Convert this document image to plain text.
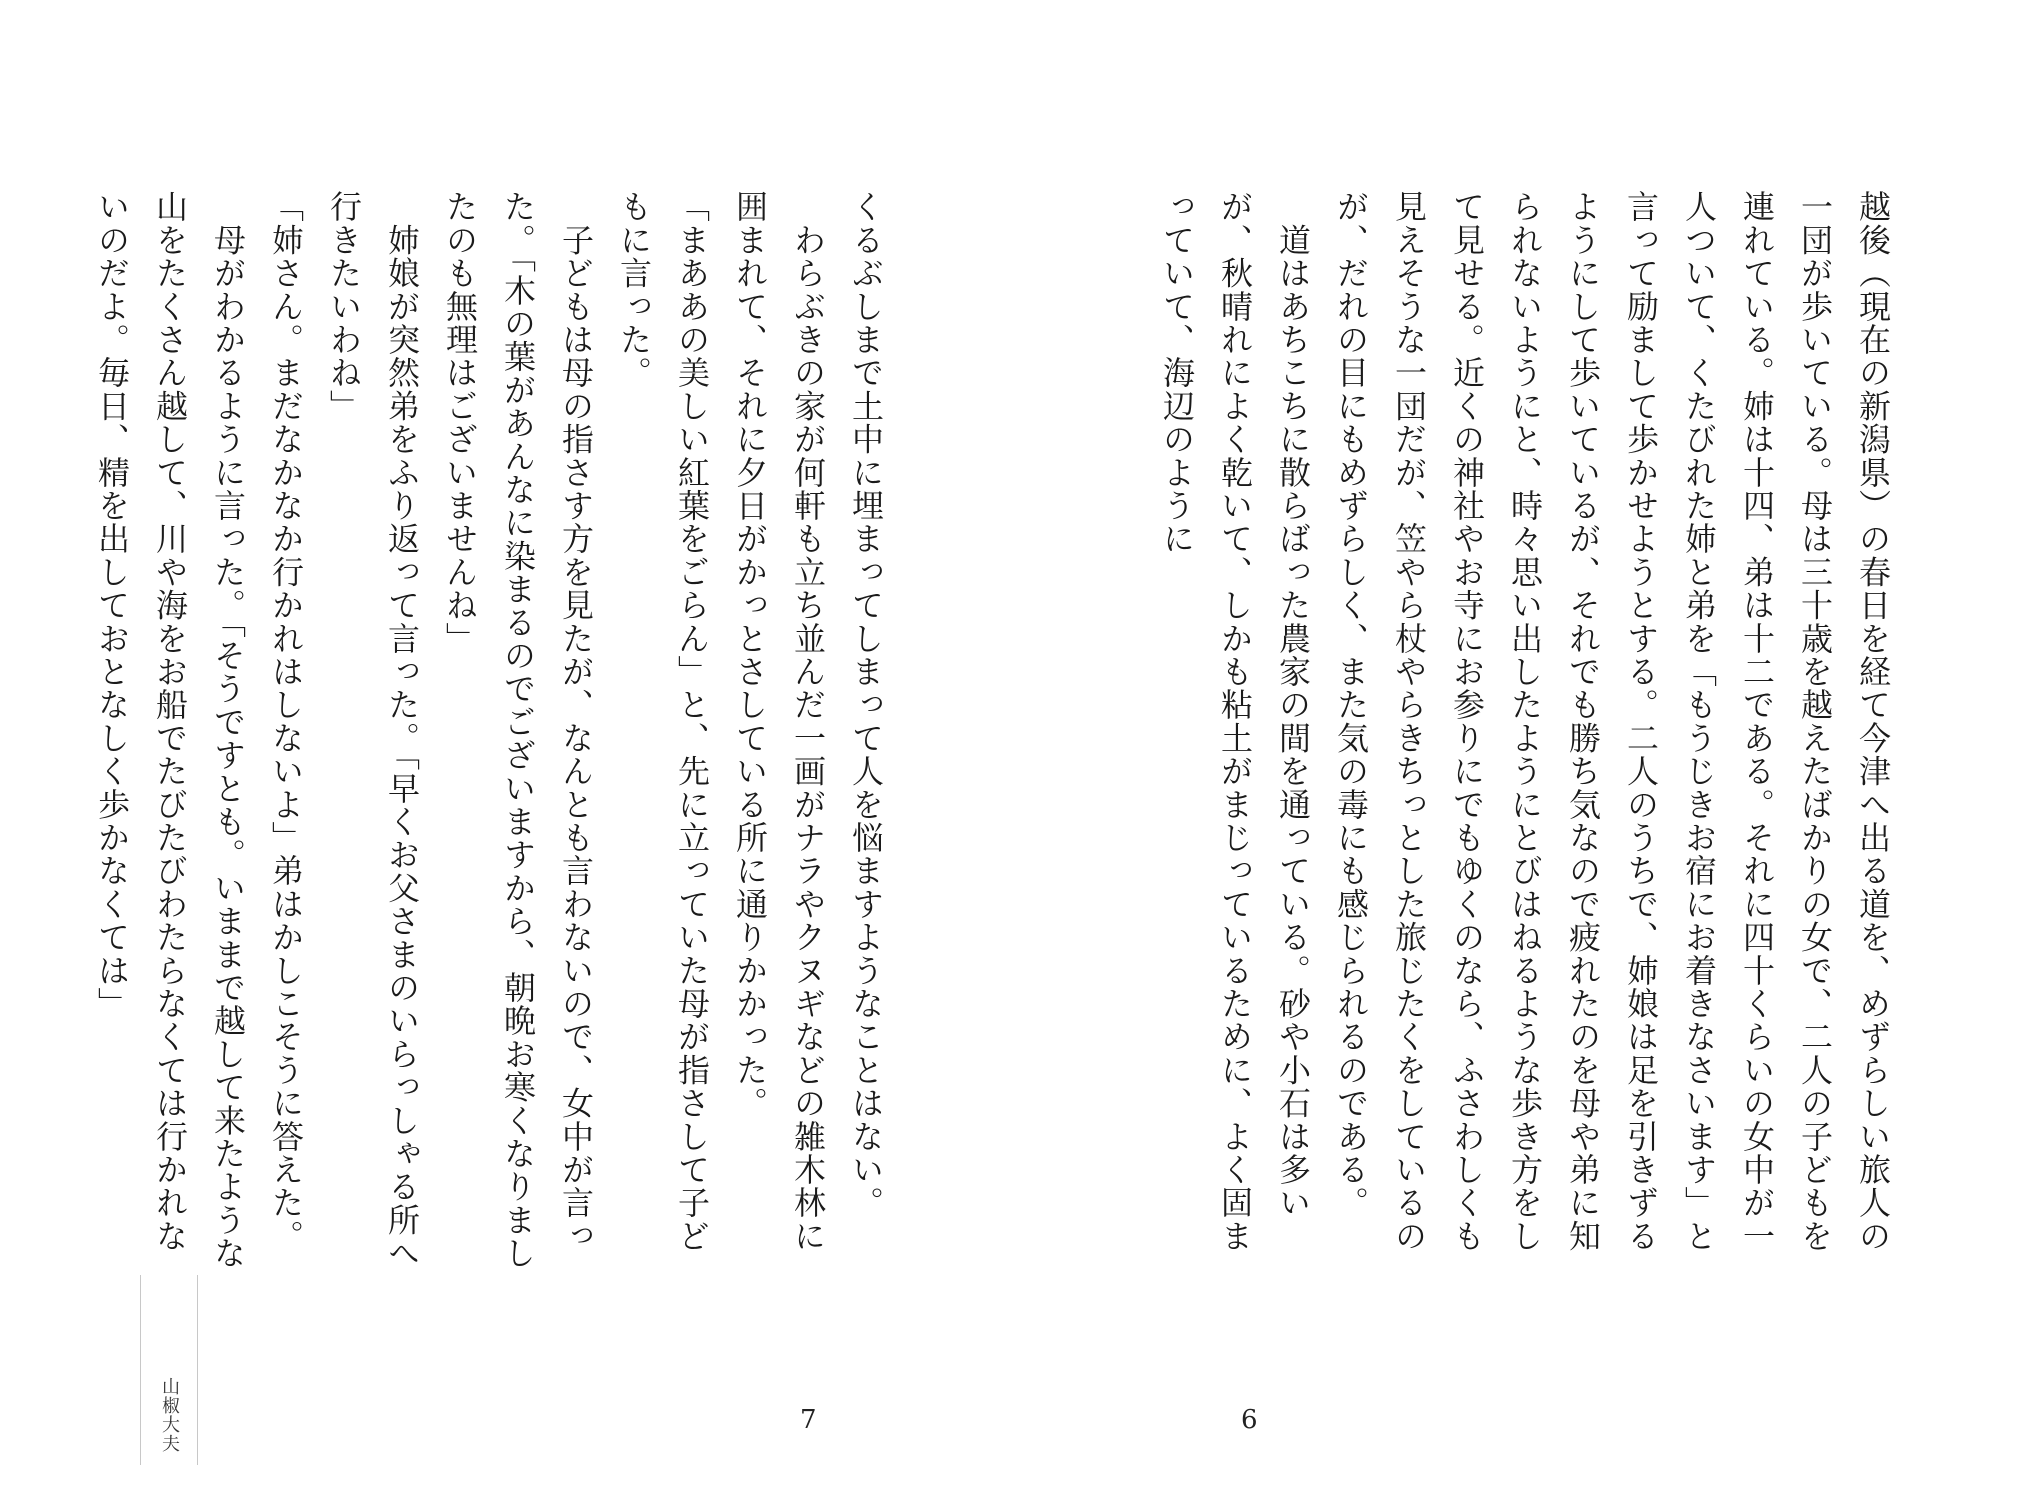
越後（現在の新潟県）の春日を経て今津へ出る道を、めずらしい旅人の一団が歩いている。母は三十歳を越えたばかりの女で、二人の子どもを連れている。姉は十四、弟は十二である。それに四十くらいの女中が一人ついて、くたびれた姉と弟を「もうじきお宿にお着きなさいます」と言って励まして歩かせようとする。二人のうちで、姉娘は足を引きずるようにして歩いているが、それでも勝ち気なので疲れたのを母や弟に知られないようにと、時々思い出したようにとびはねるような歩き方をして見せる。近くの神社やお寺にお参りにでもゆくのなら、ふさわしくも見えそうな一団だが、笠やら杖やらきちっとした旅じたくをしているのが、だれの目にもめずらしく、また気の毒にも感じられるのである。
　道はあちこちに散らばった農家の間を通っている。砂や小石は多いが、秋晴れによく乾いて、しかも粘土がまじっているために、よく固まっていて、海辺のように
6
くるぶしまで土中に埋まってしまって人を悩ますようなことはない。
　わらぶきの家が何軒も立ち並んだ一画がナラやクヌギなどの雑木林に囲まれて、それに夕日がかっとさしている所に通りかかった。
「まああの美しい紅葉をごらん」と、先に立っていた母が指さして子どもに言った。
　子どもは母の指さす方を見たが、なんとも言わないので、女中が言った。「木の葉があんなに染まるのでございますから、朝晩お寒くなりましたのも無理はございませんね」
　姉娘が突然弟をふり返って言った。「早くお父さまのいらっしゃる所へ行きたいわね」
「姉さん。まだなかなか行かれはしないよ」弟はかしこそうに答えた。
　母がわかるように言った。「そうですとも。いままで越して来たような山をたくさん越して、川や海をお船でたびたびわたらなくては行かれないのだよ。毎日、精を出しておとなしく歩かなくては」
7
山椒大夫
